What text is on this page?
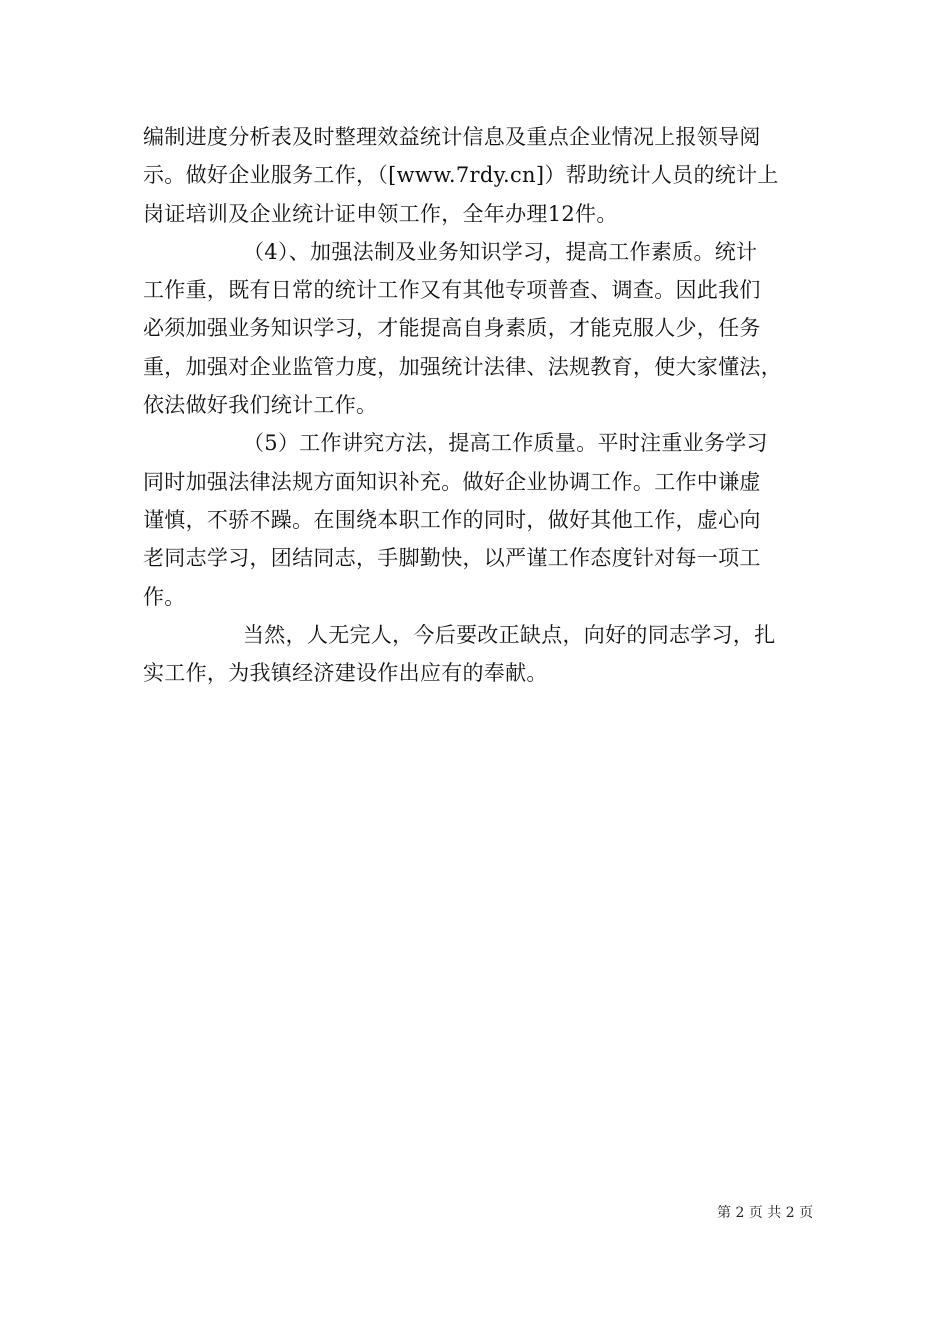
编制进度分析表及时整理效益统计信息及重点企业情况上报领导阅
示。做好企业服务工作，（[www.7rdy.cn]）帮助统计人员的统计上
岗证培训及企业统计证申领工作，全年办理12件。

（4）、加强法制及业务知识学习，提高工作素质。统计
工作重，既有日常的统计工作又有其他专项普查、调查。因此我们
必须加强业务知识学习，才能提高自身素质，才能克服人少，任务
重，加强对企业监管力度，加强统计法律、法规教育，使大家懂法，
依法做好我们统计工作。

（5）工作讲究方法，提高工作质量。平时注重业务学习
同时加强法律法规方面知识补充。做好企业协调工作。工作中谦虚
谨慎，不骄不躁。在围绕本职工作的同时，做好其他工作，虚心向
老同志学习，团结同志，手脚勤快，以严谨工作态度针对每一项工
作。

当然，人无完人，今后要改正缺点，向好的同志学习，扎
实工作，为我镇经济建设作出应有的奉献。

第 2 页 共 2 页
